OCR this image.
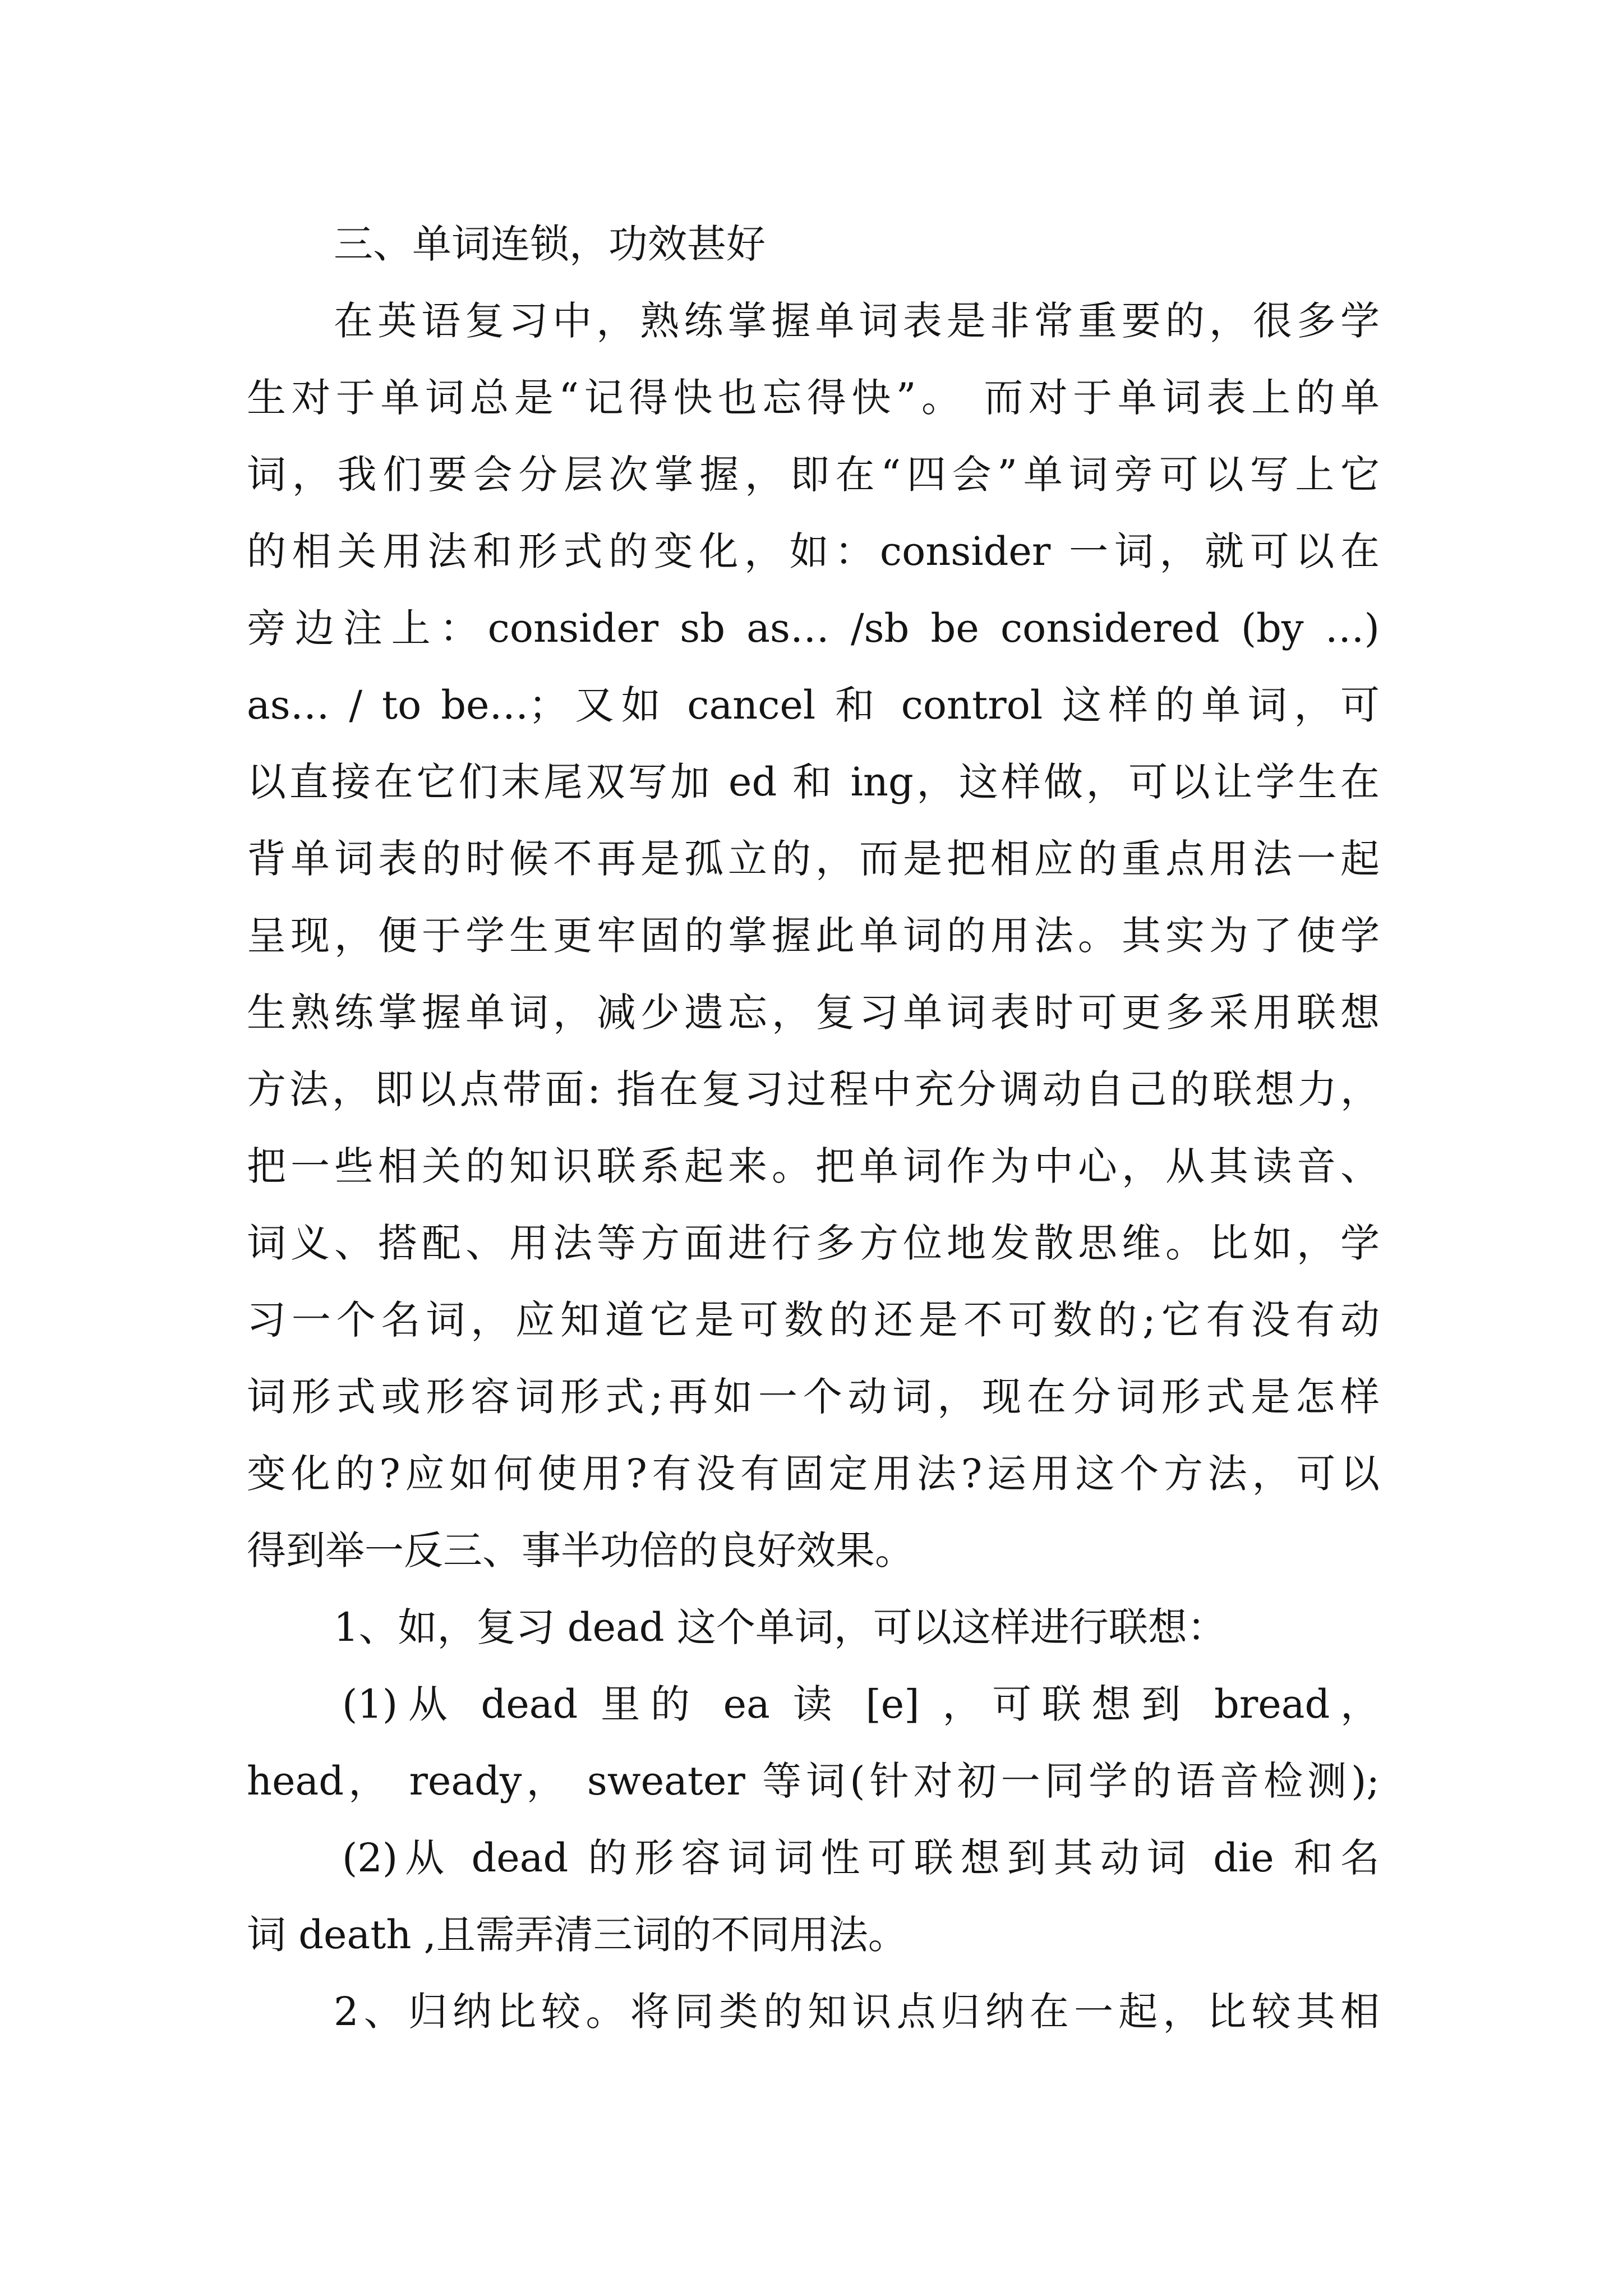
三、单词连锁，功效甚好
在英语复习中，熟练掌握单词表是非常重要的，很多学
生对于单词总是“记得快也忘得快”。 而对于单词表上的单
词，我们要会分层次掌握，即在“四会”单词旁可以写上它
的相关用法和形式的变化，如：consider 一词，就可以在
旁边注上：consider sb as… /sb be considered (by …)
as… / to be…；又如 cancel 和 control 这样的单词，可
以直接在它们末尾双写加 ed 和 ing，这样做，可以让学生在
背单词表的时候不再是孤立的，而是把相应的重点用法一起
呈现，便于学生更牢固的掌握此单词的用法。其实为了使学
生熟练掌握单词，减少遗忘，复习单词表时可更多采用联想
方法，即以点带面: 指在复习过程中充分调动自己的联想力，
把一些相关的知识联系起来。把单词作为中心，从其读音、
词义、搭配、用法等方面进行多方位地发散思维。比如，学
习一个名词，应知道它是可数的还是不可数的;它有没有动
词形式或形容词形式;再如一个动词，现在分词形式是怎样
变化的?应如何使用?有没有固定用法?运用这个方法，可以
得到举一反三、事半功倍的良好效果。
1、如，复习 dead 这个单词，可以这样进行联想：
(1)从 dead 里的 ea 读 [e] ，可联想到 bread，
head， ready， sweater 等词(针对初一同学的语音检测);
(2)从 dead 的形容词词性可联想到其动词 die 和名
词 death ,且需弄清三词的不同用法。
2、归纳比较。将同类的知识点归纳在一起，比较其相
